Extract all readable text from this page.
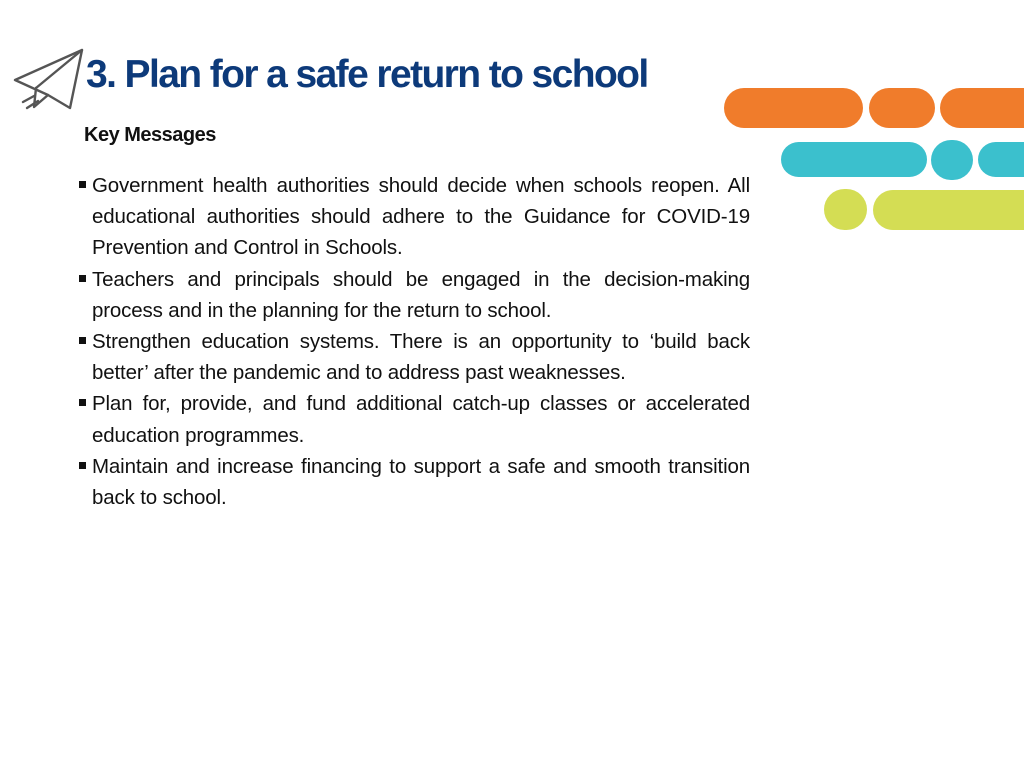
3. Plan for a safe return to school
Key Messages
Government health authorities should decide when schools reopen. All educational authorities should adhere to the Guidance for COVID-19 Prevention and Control in Schools.
Teachers and principals should be engaged in the decision-making process and in the planning for the return to school.
Strengthen education systems. There is an opportunity to ‘build back better’ after the pandemic and to address past weaknesses.
Plan for, provide, and fund additional catch-up classes or accelerated education programmes.
Maintain and increase financing to support a safe and smooth transition back to school.
